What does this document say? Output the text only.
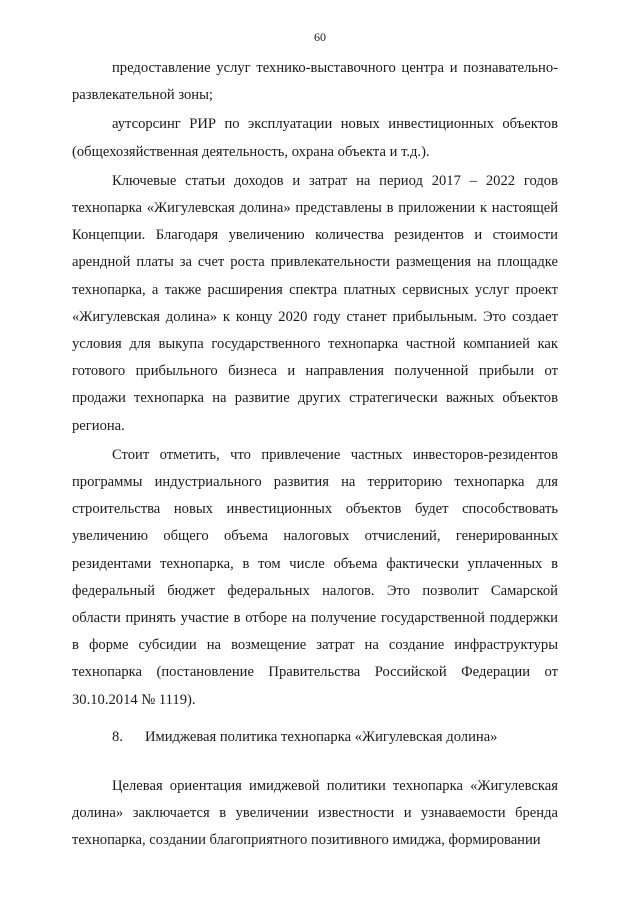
60

предоставление услуг технико-выставочного центра и познавательно-развлекательной зоны;

аутсорсинг РИР по эксплуатации новых инвестиционных объектов (общехозяйственная деятельность, охрана объекта и т.д.).

Ключевые статьи доходов и затрат на период 2017 – 2022 годов технопарка «Жигулевская долина» представлены в приложении к настоящей Концепции. Благодаря увеличению количества резидентов и стоимости арендной платы за счет роста привлекательности размещения на площадке технопарка, а также расширения спектра платных сервисных услуг проект «Жигулевская долина» к концу 2020 году станет прибыльным. Это создает условия для выкупа государственного технопарка частной компанией как готового прибыльного бизнеса и направления полученной прибыли от продажи технопарка на развитие других стратегически важных объектов региона.

Стоит отметить, что привлечение частных инвесторов-резидентов программы индустриального развития на территорию технопарка для строительства новых инвестиционных объектов будет способствовать увеличению общего объема налоговых отчислений, генерированных резидентами технопарка, в том числе объема фактически уплаченных в федеральный бюджет федеральных налогов. Это позволит Самарской области принять участие в отборе на получение государственной поддержки в форме субсидии на возмещение затрат на создание инфраструктуры технопарка (постановление Правительства Российской Федерации от 30.10.2014 № 1119).

8. Имиджевая политика технопарка «Жигулевская долина»

Целевая ориентация имиджевой политики технопарка «Жигулевская долина» заключается в увеличении известности и узнаваемости бренда технопарка, создании благоприятного позитивного имиджа, формировании
